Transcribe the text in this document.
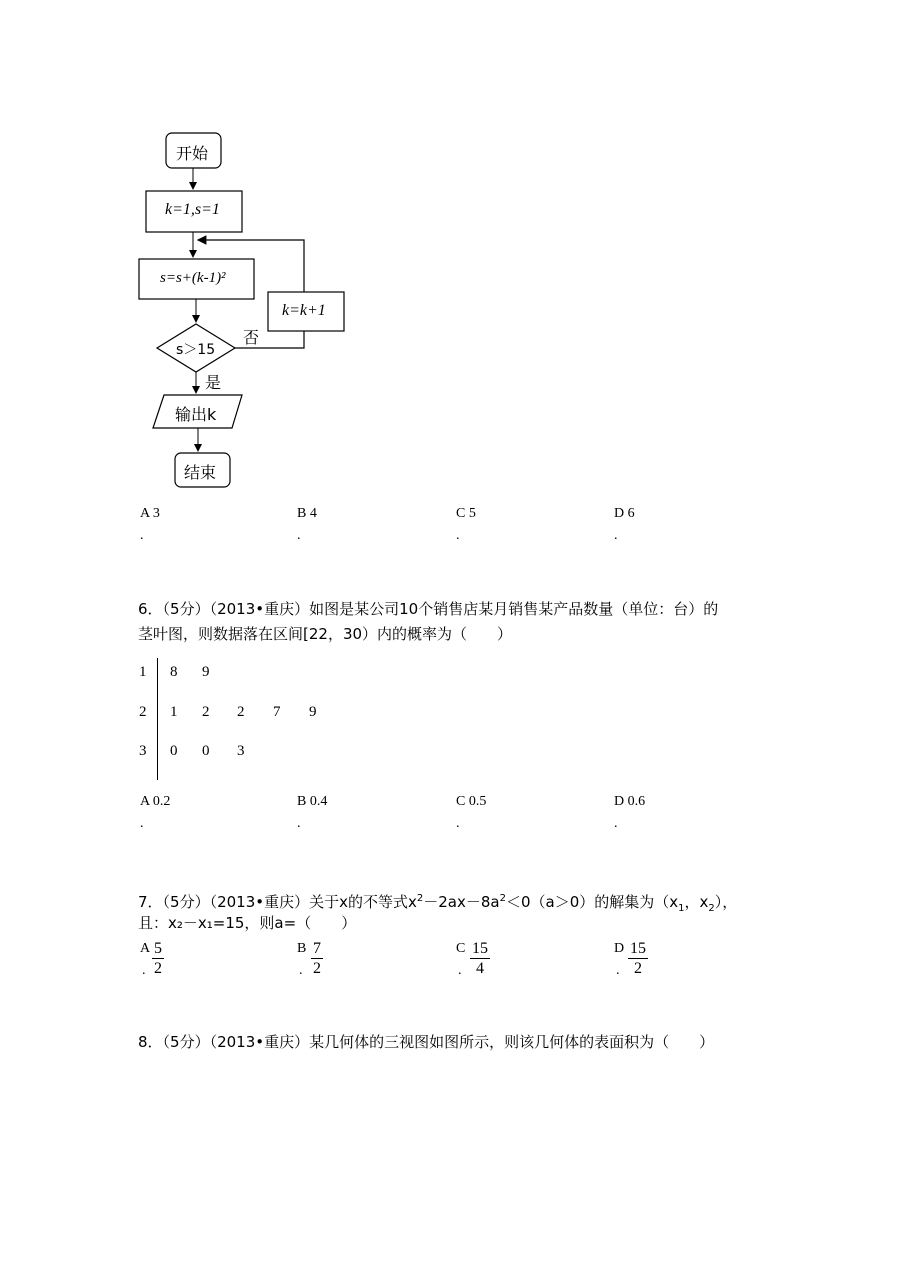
开始
k=1,s=1
s=s+(k-1)²
k=k+1
s＞15
否
是
输出k
结束
A 3
.
B 4
.
C 5
.
D 6
.
6．（5分）（2013•重庆）如图是某公司10个销售店某月销售某产品数量（单位：台）的
茎叶图，则数据落在区间[22，30）内的概率为（　　）
1 8 9
2 1 2 2 7 9
3 0 0 3
A 0.2
.
B 0.4
.
C 0.5
.
D 0.6
.
7．（5分）（2013•重庆）关于x的不等式$x^2-2ax-8a^2<0(a>0)$的解集为（$x_1$，$x_2$），
且：x₂－x₁=15，则a=（　　）
A
. $\frac{5}{2}$	B
. $\frac{7}{2}$	C
. $\frac{15}{4}$	D
. $\frac{15}{2}$
8．（5分）（2013•重庆）某几何体的三视图如图所示，则该几何体的表面积为（　　）
